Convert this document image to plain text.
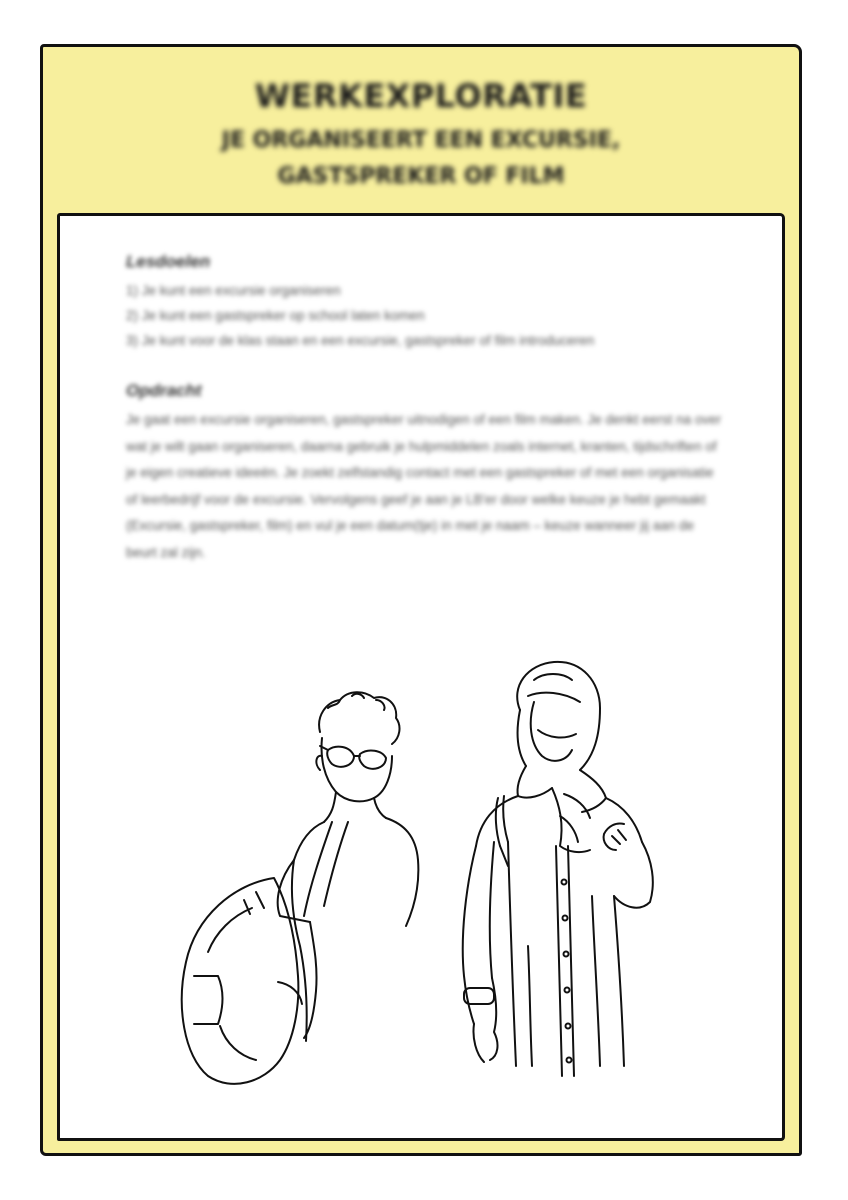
WERKEXPLORATIE
JE ORGANISEERT EEN EXCURSIE,
GASTSPREKER OF FILM
Lesdoelen
1) Je kunt een excursie organiseren
2) Je kunt een gastspreker op school laten komen
3) Je kunt voor de klas staan en een excursie, gastspreker of film introduceren
Opdracht
Je gaat een excursie organiseren, gastspreker uitnodigen of een film maken. Je denkt eerst na over wat je wilt gaan organiseren, daarna gebruik je hulpmiddelen zoals internet, kranten, tijdschriften of je eigen creatieve ideeën. Je zoekt zelfstandig contact met een gastspreker of met een organisatie of leerbedrijf voor de excursie. Vervolgens geef je aan je LB'er door welke keuze je hebt gemaakt (Excursie, gastspreker, film) en vul je een datum(tje) in met je naam – keuze wanneer jij aan de beurt zal zijn.
